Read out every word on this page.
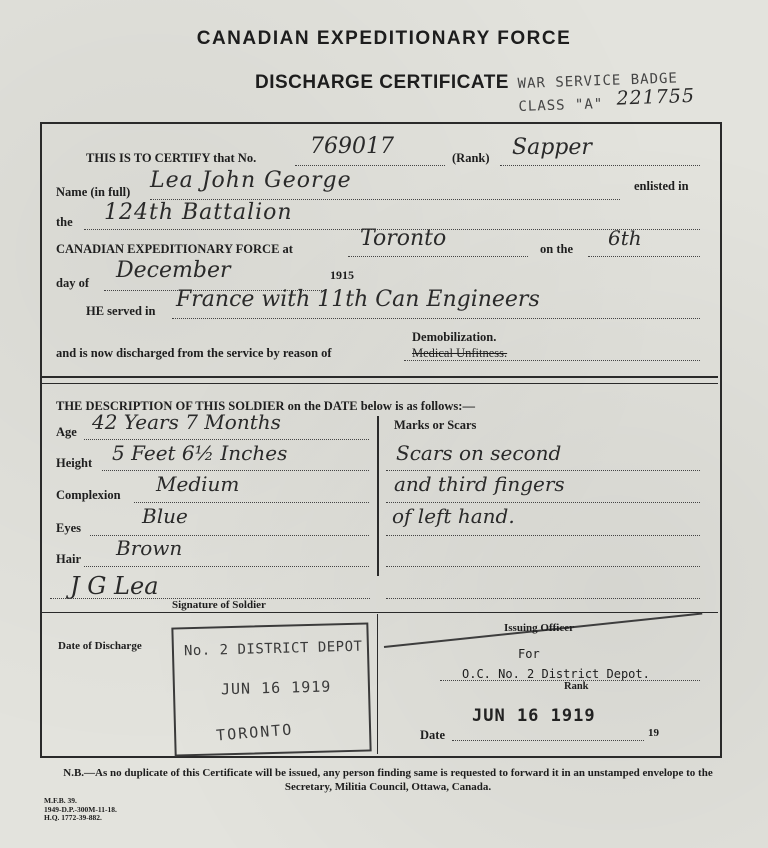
CANADIAN EXPEDITIONARY FORCE
DISCHARGE CERTIFICATE WAR SERVICE BADGE
CLASS "A" 221755
THIS IS TO CERTIFY that No. 769017	(Rank) Sapper
Name (in full) Lea John George	enlisted in
the 124th Battalion
CANADIAN EXPEDITIONARY FORCE at	Toronto	on the 6th
day of December	1915
HE served in France with 11th Can Engineers
Demobilization.
and is now discharged from the service by reason of	Medical Unfitness.
THE DESCRIPTION OF THIS SOLDIER on the DATE below is as follows:—
Age 42 Years 7 Months
Height 5 Feet 6½ Inches
Complexion Medium
Eyes	Blue
Hair Brown
Marks or Scars
Scars on second
and third fingers
of left hand.
J G Lea
Signature of Soldier
Date of Discharge	No. 2 DISTRICT DEPOT
JUN 16 1919
TORONTO
Issuing Officer
For
O.C. No. 2 District Depot.
Rank
JUN 16 1919
Date	19
N.B.—As no duplicate of this Certificate will be issued, any person finding same is requested to forward it in an unstamped envelope to the Secretary, Militia Council, Ottawa, Canada.
M.F.B. 39.
1949-D.P.-300M-11-18.
H.Q. 1772-39-882.
